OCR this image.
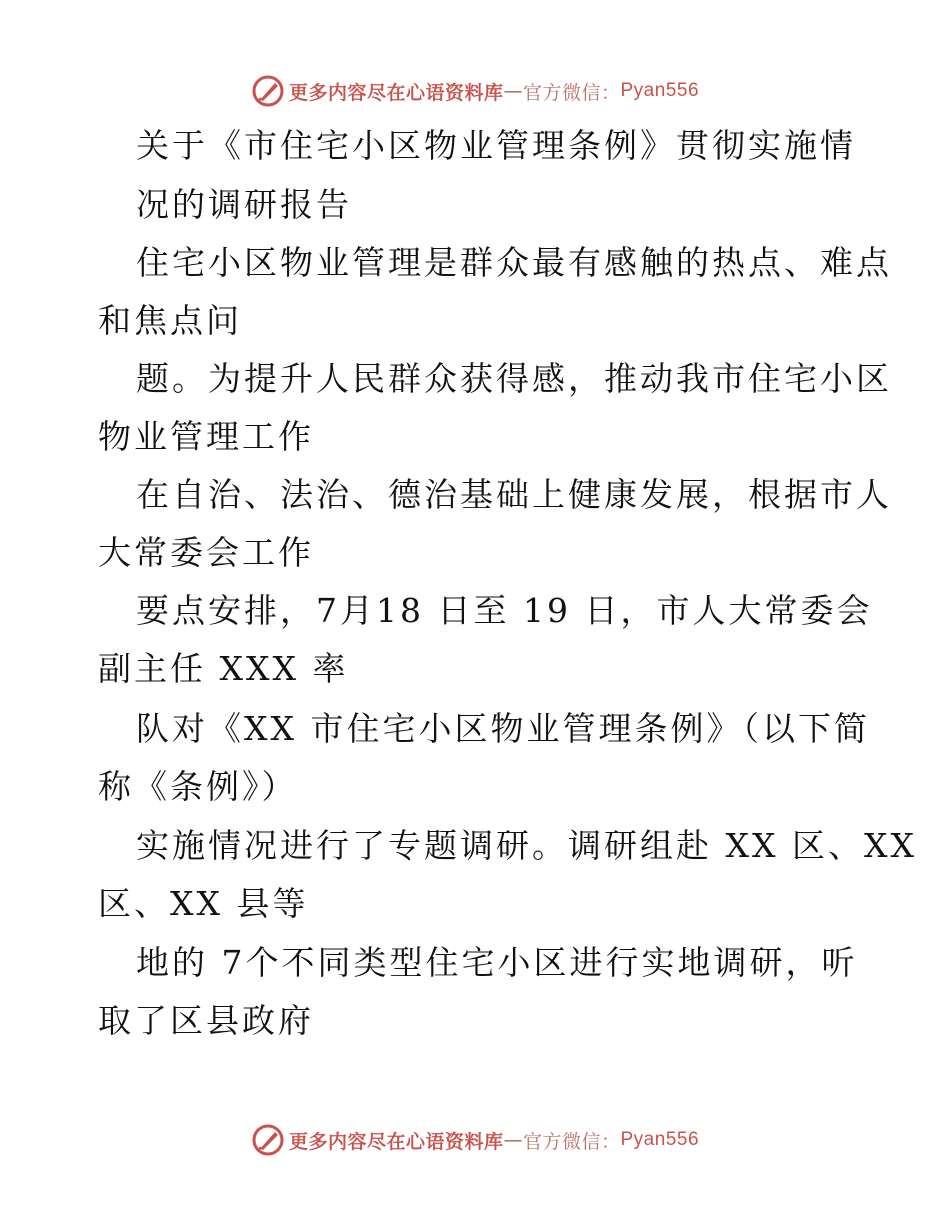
更多内容尽在心语资料库 — 官方微信： Pyan556
关于《市住宅小区物业管理条例》贯彻实施情
况的调研报告
住宅小区物业管理是群众最有感触的热点、难点
和焦点问
题。为提升人民群众获得感，推动我市住宅小区
物业管理工作
在自治、法治、德治基础上健康发展，根据市人
大常委会工作
要点安排，7月18 日至 19 日，市人大常委会
副主任 XXX 率
队对《XX 市住宅小区物业管理条例》（以下简
称《条例》）
实施情况进行了专题调研。调研组赴 XX 区、XX
区、XX 县等
地的 7个不同类型住宅小区进行实地调研，听
取了区县政府
更多内容尽在心语资料库 — 官方微信： Pyan556
